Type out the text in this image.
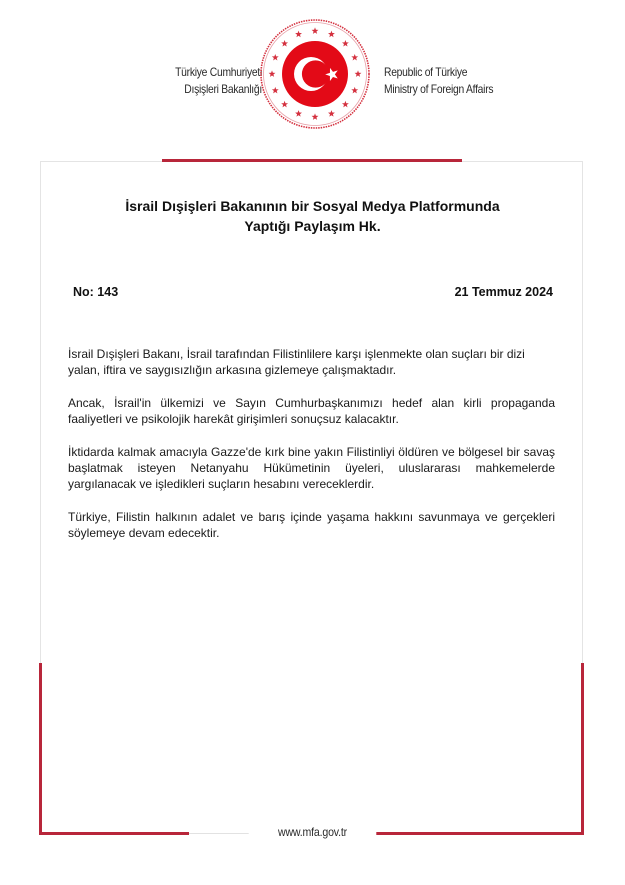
Türkiye Cumhuriyeti
Dışişleri Bakanlığı
Republic of Türkiye
Ministry of Foreign Affairs
www.mfa.gov.tr
İsrail Dışişleri Bakanının bir Sosyal Medya Platformunda
Yaptığı Paylaşım Hk.
No: 143	21 Temmuz 2024

İsrail Dışişleri Bakanı, İsrail tarafından Filistinlilere karşı işlenmekte olan suçları bir dizi yalan, iftira ve saygısızlığın arkasına gizlemeye çalışmaktadır.

Ancak, İsrail'in ülkemizi ve Sayın Cumhurbaşkanımızı hedef alan kirli propaganda faaliyetleri ve psikolojik harekât girişimleri sonuçsuz kalacaktır.

İktidarda kalmak amacıyla Gazze'de kırk bine yakın Filistinliyi öldüren ve bölgesel bir savaş başlatmak isteyen Netanyahu Hükümetinin üyeleri, uluslararası mahkemelerde yargılanacak ve işledikleri suçların hesabını vereceklerdir.

Türkiye, Filistin halkının adalet ve barış içinde yaşama hakkını savunmaya ve gerçekleri söylemeye devam edecektir.
